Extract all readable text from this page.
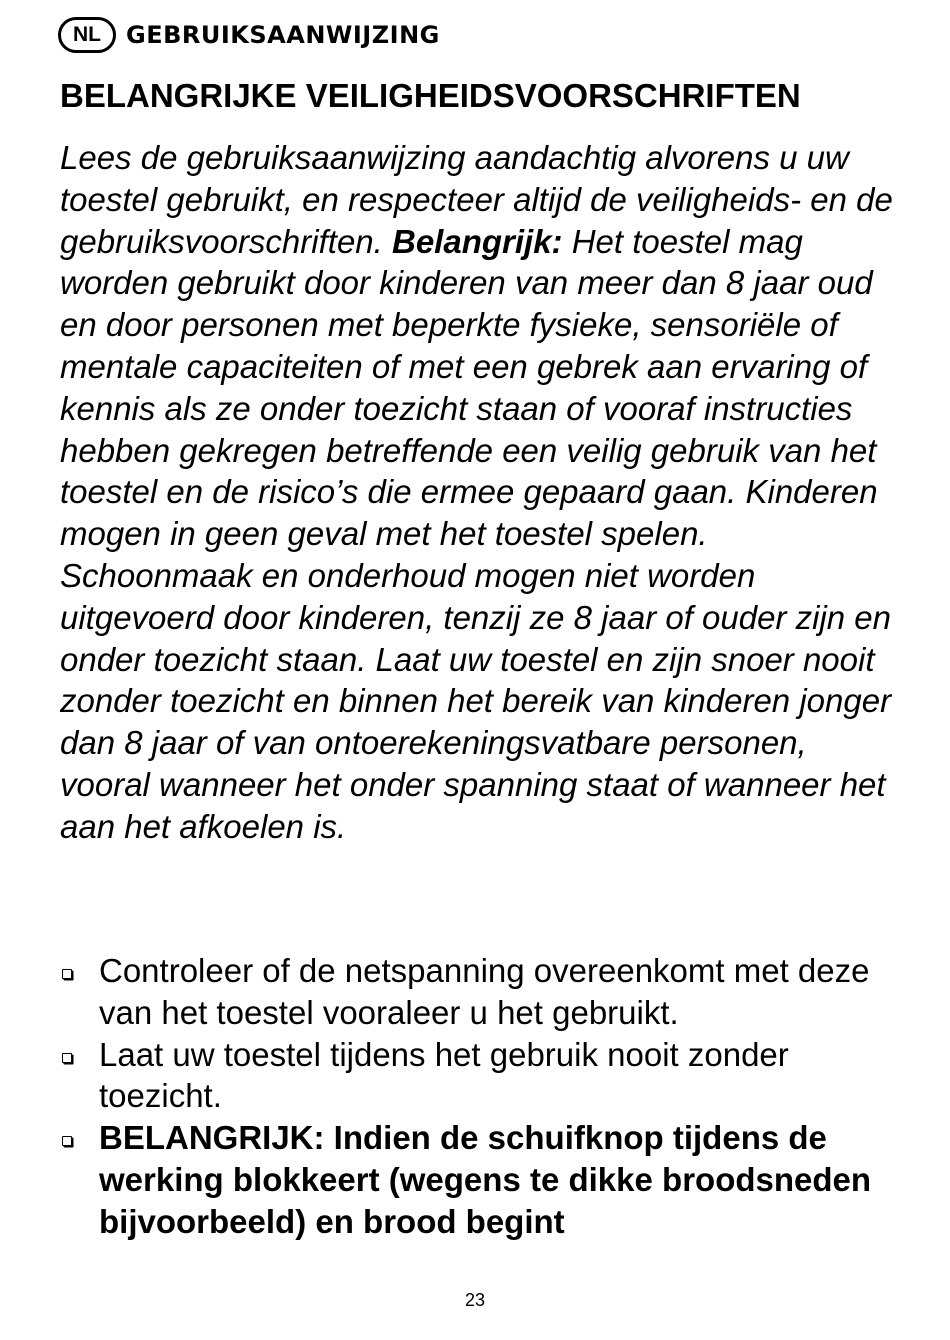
NL	GEBRUIKSAANWIJZING
BELANGRIJKE VEILIGHEIDSVOORSCHRIFTEN

Lees de gebruiksaanwijzing aandachtig alvorens u uw toestel gebruikt, en respecteer altijd de veiligheids- en de gebruiksvoorschriften. Belangrijk: Het toestel mag worden gebruikt door kinderen van meer dan 8 jaar oud en door personen met beperkte fysieke, sensoriële of mentale capaciteiten of met een gebrek aan ervaring of kennis als ze onder toezicht staan of vooraf instructies hebben gekregen betreffende een veilig gebruik van het toestel en de risico’s die ermee gepaard gaan. Kinderen mogen in geen geval met het toestel spelen. Schoonmaak en onderhoud mogen niet worden uitgevoerd door kinderen, tenzij ze 8 jaar of ouder zijn en onder toezicht staan. Laat uw toestel en zijn snoer nooit zonder toezicht en binnen het bereik van kinderen jonger dan 8 jaar of van ontoerekeningsvatbare personen, vooral wanneer het onder spanning staat of wanneer het aan het afkoelen is.

Controleer of de netspanning overeenkomt met deze van het toestel vooraleer u het gebruikt.
Laat uw toestel tijdens het gebruik nooit zonder toezicht.
BELANGRIJK: Indien de schuifknop tijdens de werking blokkeert (wegens te dikke broodsneden bijvoorbeeld) en brood begint
23
